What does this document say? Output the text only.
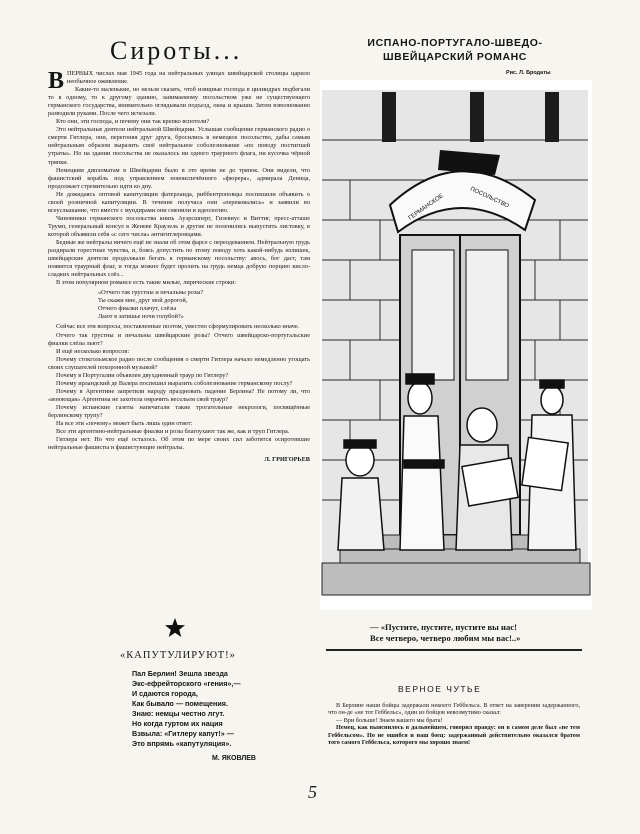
Сироты...

ВПЕРВЫХ числах мая 1945 года на нейтральных улицах швейцарской столицы царило необычное оживление.

Какие-то маленькие, но нельзя сказать, чтоб изящные господа в цилиндрах подбегали то к одному, то к другому зданию, занимаемому посольством уже не существующего германского государства, внимательно оглядывали подъезд, окна и крыши. Затем взволнованно разводили руками. После чего исчезали.

Кто они, эти господа, и почему они так крепко вспотели?

Это нейтральные деятели нейтральной Швейцарии. Услышав сообщение германского радио о смерти Гитлера, они, перегоняя друг друга, бросились в немецкое посольство, дабы самым нейтральным образом выразить своё нейтральное соболезнование «по поводу постигшей утраты». Но на здании посольства не оказалось ни одного траурного флага, ни кусочка чёрной тряпки.

Немецким дипломатам в Швейцарии было в это время не до тряпок. Они видели, что фашистский корабль под управлением новоиспечённого «фюрера», адмирала Деница, продолжает стремительно идти ко дну.

Не дожидаясь оптовой капитуляции фатерланда, риббентроповцы поспешили объявить о своей розничной капитуляции. В течение получаса они «перековались» и заявили во всеуслышание, что вместе с мундирами они сменили и идеологию.

Чиновники германского посольства князь Ауэрсшперг, Гизевиус и Виттиг, пресс-атташе Трумп, генеральный консул в Женеве Краузель и другие не поленились выпустить листовку, в которой объявили себя «с сего числа» антигитлеровцами.

Бедные же нейтралы ничего ещё не знали об этом фарсе с переодеванием. Нейтральную грудь раздирали горестные чувства, и, боясь допустить по этому поводу хоть какой-нибудь излишек, швейцарские деятели продолжали бегать к германскому посольству: авось, бог даст, там появится траурный флаг, и тогда можно будет пролить на грудь немца добрую порцию кисло-сладких нейтральных слёз...

В этом популярном романсе есть такие милые, лирические строки:

«Отчего так грустны и печальны розы?
Ты скажи мне, друг мой дорогой,
Отчего фиалки плачут, слёзы
Льют в затишье ночи голубой?»

Сейчас все эти вопросы, поставленные поэтом, уместно сформулировать несколько иначе.

Отчего так грустны и печальны швейцарские розы? Отчего швейцарско-португальские фиалки слёзы льют?

И ещё несколько вопросов:

Почему стокгольмское радио после сообщения о смерти Гитлера начало немедленно угощать своих слушателей похоронной музыкой?

Почему в Португалии объявлен двухдневный траур по Гитлеру?

Почему ирландский де Валера поспешил выразить соболезнование германскому послу?

Почему в Аргентине запретили народу праздновать падение Берлина? Не потому ли, что «воюющая» Аргентина не захотела омрачить весельем свой траур?

Почему испанские газеты напечатали такие трогательные некрологи, посвящённые берлинскому трупу?

На все эти «почему» может быть лишь один ответ:

Все эти аргентино-нейтральные фиалки и розы благоухают так же, как и труп Гитлера.

Гитлера нет. Но что ещё осталось. Об этом по мере своих сил заботятся осиротевшие нейтральные фашисты и фашистующие нейтралы.

Л. ГРИГОРЬЕВ

«КАПУТУЛИРУЮТ!»
Пал Берлин! Зешла звезда
Экс-ефрейторского «гения»,—
И сдаются города,
Как бывало — помещения.
Знаю: немцы честно лгут.
Но когда гуртом их нация
Взвыла: «Гитлеру капут!» —
Это впрямь «капутуляция».
М. ЯКОВЛЕВ
ИСПАНО-ПОРТУГАЛО-ШВЕДО-
ШВЕЙЦАРСКИЙ РОМАНС
Рис. Л. Бродаты
ГЕРМАНСКОЕ	ПОСОЛЬСТВО
— «Пустите, пустите, пустите вы нас!
Все четверо, четверо любим мы вас!..»
ВЕРНОЕ ЧУТЬЕ

В Берлине наши бойцы задержали некоего Геббельса. В ответ на заверения задержанного, что он-де «не тот Геббельс», один из бойцов невозмутимо сказал:

— Ври больше! Знаем вашего мы брата!

Немец, как выяснилось в дальнейшем, говорил правду: он в самом деле был «не тем Геббельсом». Но не ошибся и наш боец: задержанный действительно оказался братом того самого Геббельса, которого мы хорошо знаем!

5
